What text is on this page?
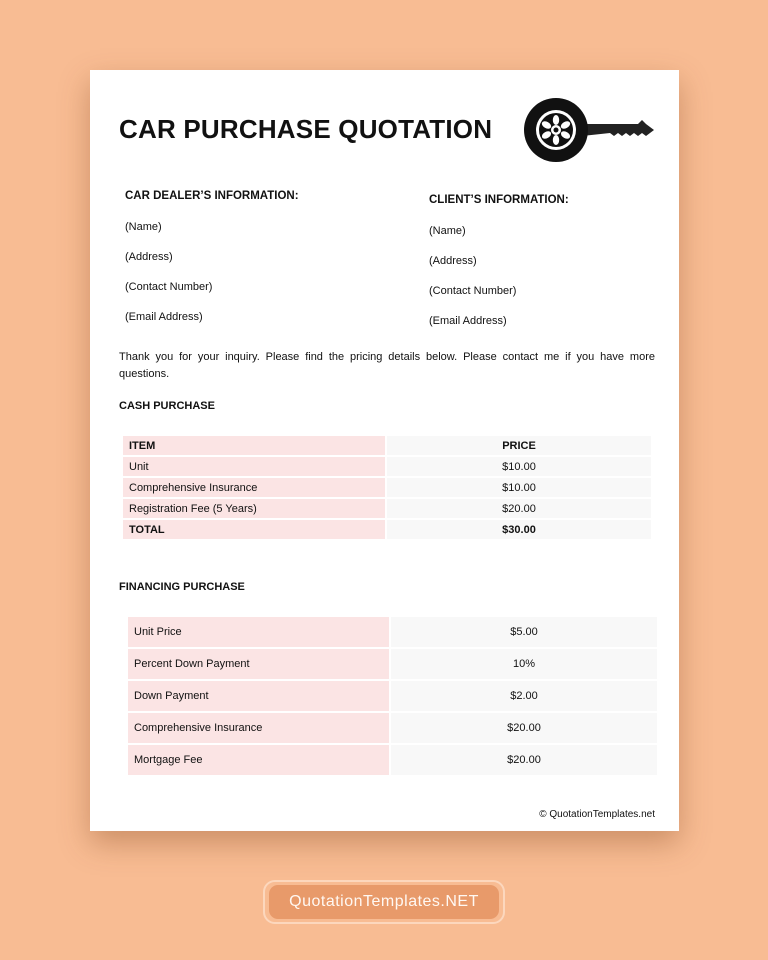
CAR PURCHASE QUOTATION
CAR DEALER’S INFORMATION:
(Name)
(Address)
(Contact Number)
(Email Address)
CLIENT’S INFORMATION:
(Name)
(Address)
(Contact Number)
(Email Address)

Thank you for your inquiry. Please find the pricing details below. Please contact me if you have more questions.

CASH PURCHASE
ITEM	PRICE
Unit	$10.00
Comprehensive Insurance	$10.00
Registration Fee (5 Years)	$20.00
TOTAL	$30.00
FINANCING PURCHASE
Unit Price	$5.00
Percent Down Payment	10%
Down Payment	$2.00
Comprehensive Insurance	$20.00
Mortgage Fee	$20.00
© QuotationTemplates.net
QuotationTemplates.NET
